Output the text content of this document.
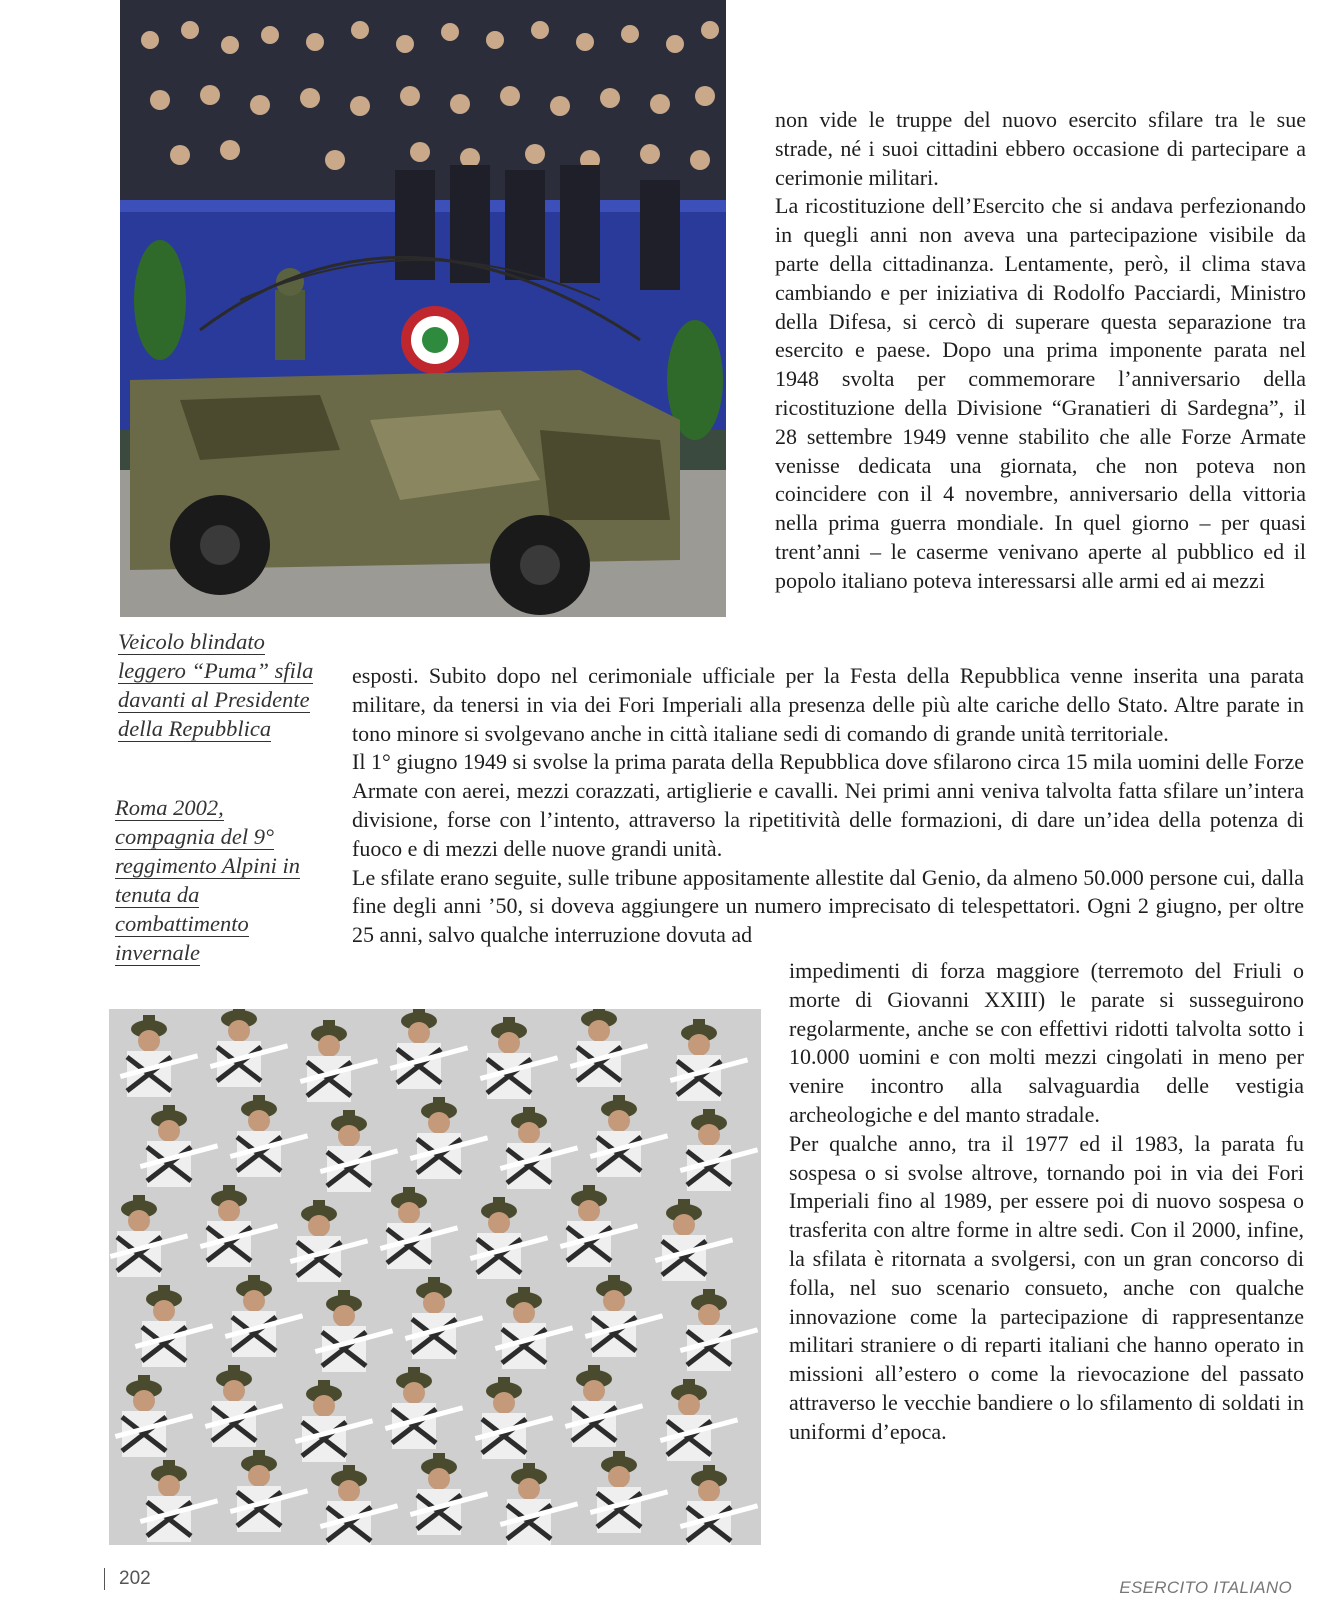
Veicolo blindato leggero “Puma” sfila davanti al Presidente della Repubblica

Roma 2002, compagnia del 9° reggimento Alpini in tenuta da combattimento invernale

non vide le truppe del nuovo esercito sfilare tra le sue strade, né i suoi cittadini ebbero occasione di partecipare a cerimonie militari.

La ricostituzione dell’Esercito che si andava perfezionando in quegli anni non aveva una partecipazione visibile da parte della cittadinanza. Lentamente, però, il clima stava cambiando e per iniziativa di Rodolfo Pacciardi, Ministro della Difesa, si cercò di superare questa separazione tra esercito e paese. Dopo una prima imponente parata nel 1948 svolta per commemorare l’anniversario della ricostituzione della Divisione “Granatieri di Sardegna”, il 28 settembre 1949 venne stabilito che alle Forze Armate venisse dedicata una giornata, che non poteva non coincidere con il 4 novembre, anniversario della vittoria nella prima guerra mondiale. In quel giorno – per quasi trent’anni – le caserme venivano aperte al pubblico ed il popolo italiano poteva interessarsi alle armi ed ai mezzi

esposti. Subito dopo nel cerimoniale ufficiale per la Festa della Repubblica venne inserita una parata militare, da tenersi in via dei Fori Imperiali alla presenza delle più alte cariche dello Stato. Altre parate in tono minore si svolgevano anche in città italiane sedi di comando di grande unità territoriale.

Il 1° giugno 1949 si svolse la prima parata della Repubblica dove sfilarono circa 15 mila uomini delle Forze Armate con aerei, mezzi corazzati, artiglierie e cavalli. Nei primi anni veniva talvolta fatta sfilare un’intera divisione, forse con l’intento, attraverso la ripetitività delle formazioni, di dare un’idea della potenza di fuoco e di mezzi delle nuove grandi unità.

Le sfilate erano seguite, sulle tribune appositamente allestite dal Genio, da almeno 50.000 persone cui, dalla fine degli anni ’50, si doveva aggiungere un numero imprecisato di telespettatori. Ogni 2 giugno, per oltre 25 anni, salvo qualche interruzione dovuta ad

impedimenti di forza maggiore (terremoto del Friuli o morte di Giovanni XXIII) le parate si susseguirono regolarmente, anche se con effettivi ridotti talvolta sotto i 10.000 uomini e con molti mezzi cingolati in meno per venire incontro alla salvaguardia delle vestigia archeologiche e del manto stradale.

Per qualche anno, tra il 1977 ed il 1983, la parata fu sospesa o si svolse altrove, tornando poi in via dei Fori Imperiali fino al 1989, per essere poi di nuovo sospesa o trasferita con altre forme in altre sedi. Con il 2000, infine, la sfilata è ritornata a svolgersi, con un gran concorso di folla, nel suo scenario consueto, anche con qualche innovazione come la partecipazione di rappresentanze militari straniere o di reparti italiani che hanno operato in missioni all’estero o come la rievocazione del passato attraverso le vecchie bandiere o lo sfilamento di soldati in uniformi d’epoca.

202	ESERCITO ITALIANO
